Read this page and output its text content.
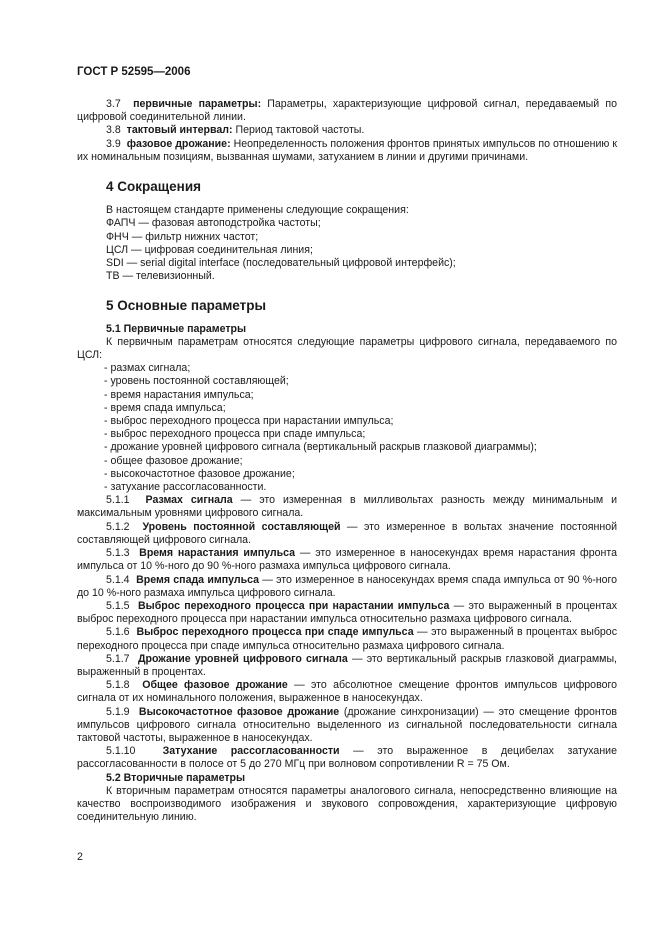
ГОСТ Р 52595—2006

3.7 первичные параметры: Параметры, характеризующие цифровой сигнал, передаваемый по цифровой соединительной линии.

3.8 тактовый интервал: Период тактовой частоты.

3.9 фазовое дрожание: Неопределенность положения фронтов принятых импульсов по отношению к их номинальным позициям, вызванная шумами, затуханием в линии и другими причинами.

4 Сокращения

В настоящем стандарте применены следующие сокращения:

ФАПЧ — фазовая автоподстройка частоты;

ФНЧ — фильтр нижних частот;

ЦСЛ — цифровая соединительная линия;

SDI — serial digital interface (последовательный цифровой интерфейс);

ТВ — телевизионный.

5 Основные параметры
5.1 Первичные параметры

К первичным параметрам относятся следующие параметры цифрового сигнала, передаваемого по ЦСЛ:

- размах сигнала;
- уровень постоянной составляющей;
- время нарастания импульса;
- время спада импульса;
- выброс переходного процесса при нарастании импульса;
- выброс переходного процесса при спаде импульса;
- дрожание уровней цифрового сигнала (вертикальный раскрыв глазковой диаграммы);
- общее фазовое дрожание;
- высокочастотное фазовое дрожание;
- затухание рассогласованности.

5.1.1 Размах сигнала — это измеренная в милливольтах разность между минимальным и максимальным уровнями цифрового сигнала.

5.1.2 Уровень постоянной составляющей — это измеренное в вольтах значение постоянной составляющей цифрового сигнала.

5.1.3 Время нарастания импульса — это измеренное в наносекундах время нарастания фронта импульса от 10 %-ного до 90 %-ного размаха импульса цифрового сигнала.

5.1.4 Время спада импульса — это измеренное в наносекундах время спада импульса от 90 %-ного до 10 %-ного размаха импульса цифрового сигнала.

5.1.5 Выброс переходного процесса при нарастании импульса — это выраженный в процентах выброс переходного процесса при нарастании импульса относительно размаха цифрового сигнала.

5.1.6 Выброс переходного процесса при спаде импульса — это выраженный в процентах выброс переходного процесса при спаде импульса относительно размаха цифрового сигнала.

5.1.7 Дрожание уровней цифрового сигнала — это вертикальный раскрыв глазковой диаграммы, выраженный в процентах.

5.1.8 Общее фазовое дрожание — это абсолютное смещение фронтов импульсов цифрового сигнала от их номинального положения, выраженное в наносекундах.

5.1.9 Высокочастотное фазовое дрожание (дрожание синхронизации) — это смещение фронтов импульсов цифрового сигнала относительно выделенного из сигнальной последовательности сигнала тактовой частоты, выраженное в наносекундах.

5.1.10	Затухание рассогласованности — это выраженное в децибелах затухание рассогласованности в полосе от 5 до 270 МГц при волновом сопротивлении R = 75 Ом.

5.2 Вторичные параметры

К вторичным параметрам относятся параметры аналогового сигнала, непосредственно влияющие на качество воспроизводимого изображения и звукового сопровождения, характеризующие цифровую соединительную линию.

2
